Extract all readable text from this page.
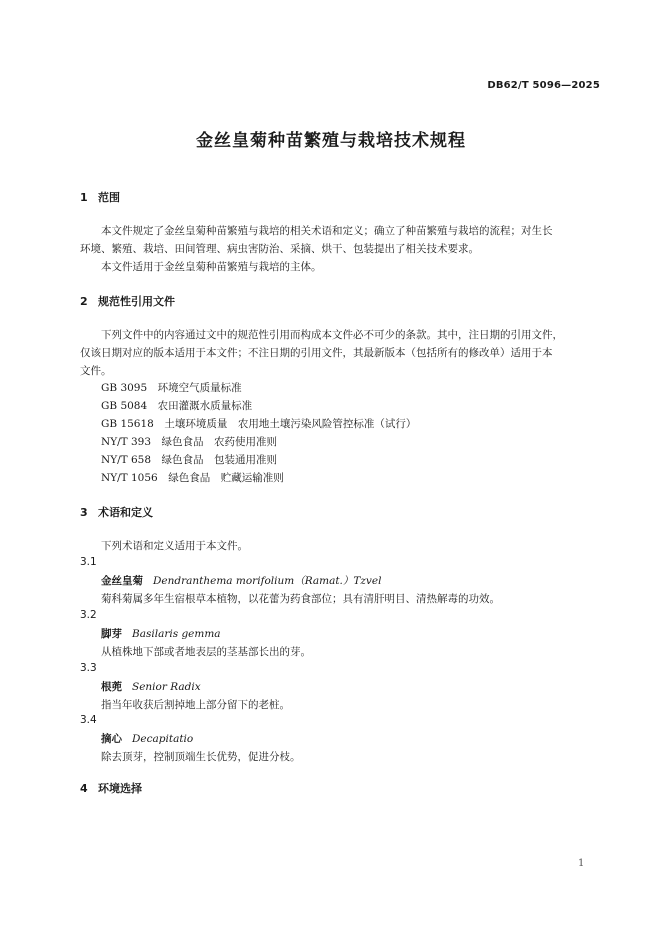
DB62/T 5096—2025
金丝皇菊种苗繁殖与栽培技术规程
1 范围
本文件规定了金丝皇菊种苗繁殖与栽培的相关术语和定义；确立了种苗繁殖与栽培的流程；对生长
环境、繁殖、栽培、田间管理、病虫害防治、采摘、烘干、包装提出了相关技术要求。
本文件适用于金丝皇菊种苗繁殖与栽培的主体。
2 规范性引用文件
下列文件中的内容通过文中的规范性引用而构成本文件必不可少的条款。其中，注日期的引用文件，
仅该日期对应的版本适用于本文件；不注日期的引用文件，其最新版本（包括所有的修改单）适用于本
文件。
GB 3095　环境空气质量标准
GB 5084　农田灌溉水质量标准
GB 15618　土壤环境质量　农用地土壤污染风险管控标准（试行）
NY/T 393　绿色食品　农药使用准则
NY/T 658　绿色食品　包装通用准则
NY/T 1056　绿色食品　贮藏运输准则
3 术语和定义
下列术语和定义适用于本文件。
3.1
金丝皇菊 Dendranthema morifolium（Ramat.）Tzvel
菊科菊属多年生宿根草本植物，以花蕾为药食部位；具有清肝明目、清热解毒的功效。
3.2
脚芽 Basilaris gemma
从植株地下部或者地表层的茎基部长出的芽。
3.3
根蔸 Senior Radix
指当年收获后割掉地上部分留下的老桩。
3.4
摘心 Decapitatio
除去顶芽，控制顶端生长优势，促进分枝。
4 环境选择
1
